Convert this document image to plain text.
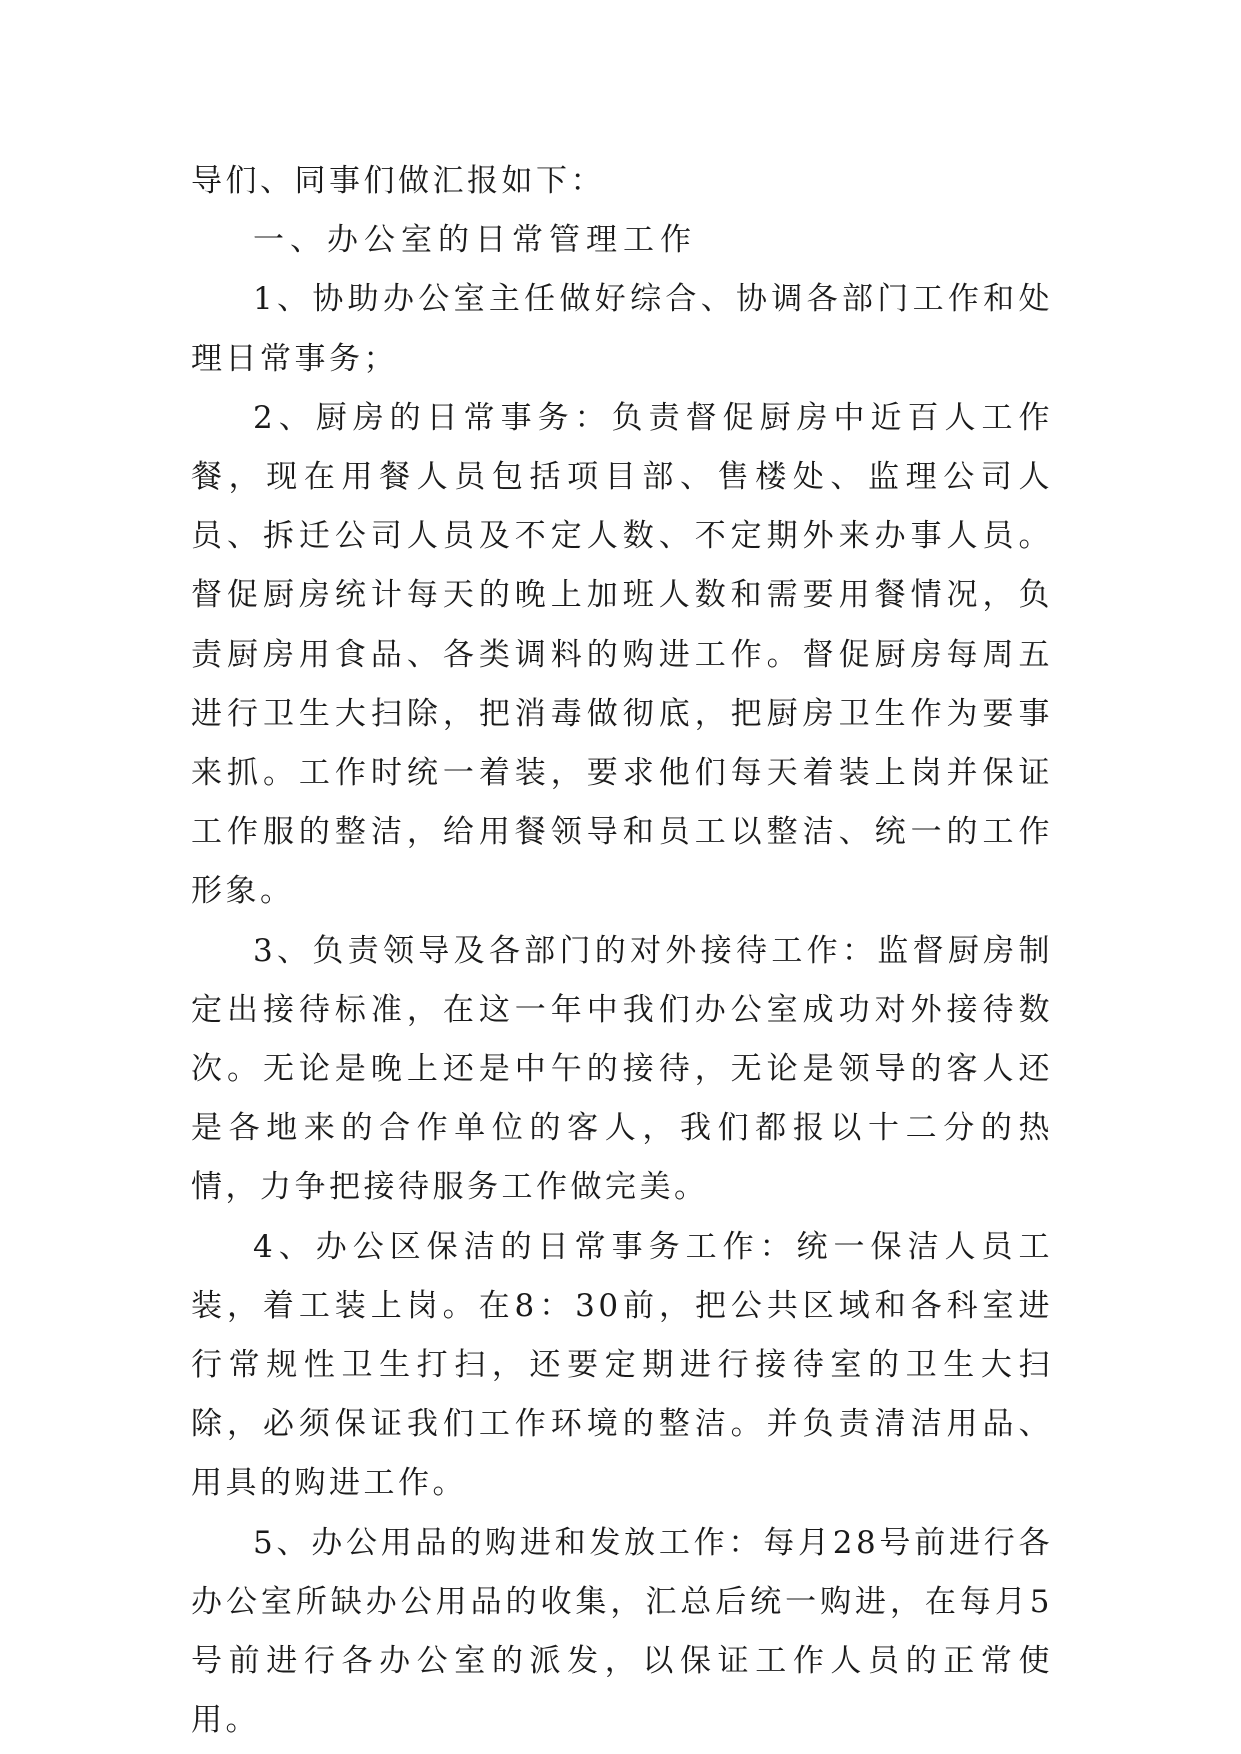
导们、同事们做汇报如下：

一、办公室的日常管理工作

1、协助办公室主任做好综合、协调各部门工作和处理日常事务；

2、厨房的日常事务：负责督促厨房中近百人工作餐，现在用餐人员包括项目部、售楼处、监理公司人员、拆迁公司人员及不定人数、不定期外来办事人员。督促厨房统计每天的晚上加班人数和需要用餐情况，负责厨房用食品、各类调料的购进工作。督促厨房每周五进行卫生大扫除，把消毒做彻底，把厨房卫生作为要事来抓。工作时统一着装，要求他们每天着装上岗并保证工作服的整洁，给用餐领导和员工以整洁、统一的工作形象。

3、负责领导及各部门的对外接待工作：监督厨房制定出接待标准，在这一年中我们办公室成功对外接待数次。无论是晚上还是中午的接待，无论是领导的客人还是各地来的合作单位的客人，我们都报以十二分的热情，力争把接待服务工作做完美。

4、办公区保洁的日常事务工作：统一保洁人员工装，着工装上岗。在8：30前，把公共区域和各科室进行常规性卫生打扫，还要定期进行接待室的卫生大扫除，必须保证我们工作环境的整洁。并负责清洁用品、用具的购进工作。

5、办公用品的购进和发放工作：每月28号前进行各办公室所缺办公用品的收集，汇总后统一购进，在每月5号前进行各办公室的派发，以保证工作人员的正常使用。
